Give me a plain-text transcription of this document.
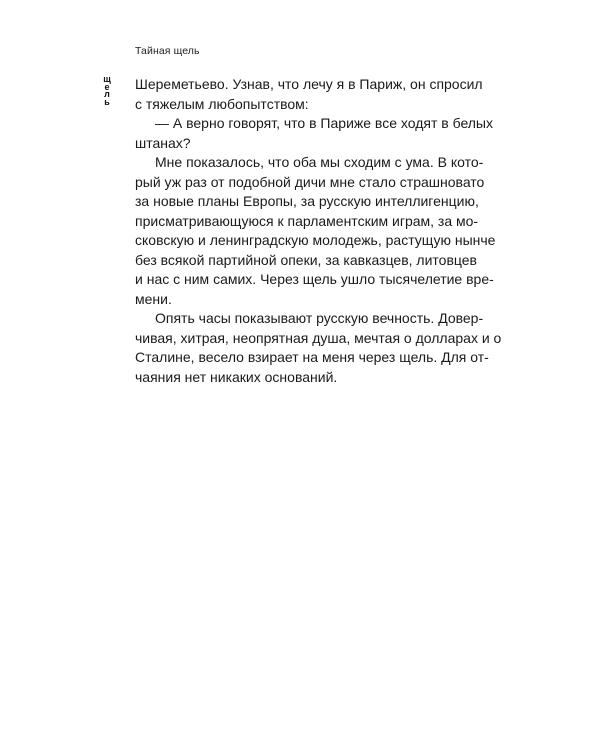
Тайная щель
щ
е
л
ь
Шереметьево. Узнав, что лечу я в Париж, он спросил
с тяжелым любопытством:
— А верно говорят, что в Париже все ходят в белых
штанах?
Мне показалось, что оба мы сходим с ума. В кото-
рый уж раз от подобной дичи мне стало страшновато
за новые планы Европы, за русскую интеллигенцию,
присматривающуюся к парламентским играм, за мо-
сковскую и ленинградскую молодежь, растущую нынче
без всякой партийной опеки, за кавказцев, литовцев
и нас с ним самих. Через щель ушло тысячелетие вре-
мени.
Опять часы показывают русскую вечность. Довер-
чивая, хитрая, неопрятная душа, мечтая о долларах и о
Сталине, весело взирает на меня через щель. Для от-
чаяния нет никаких оснований.
